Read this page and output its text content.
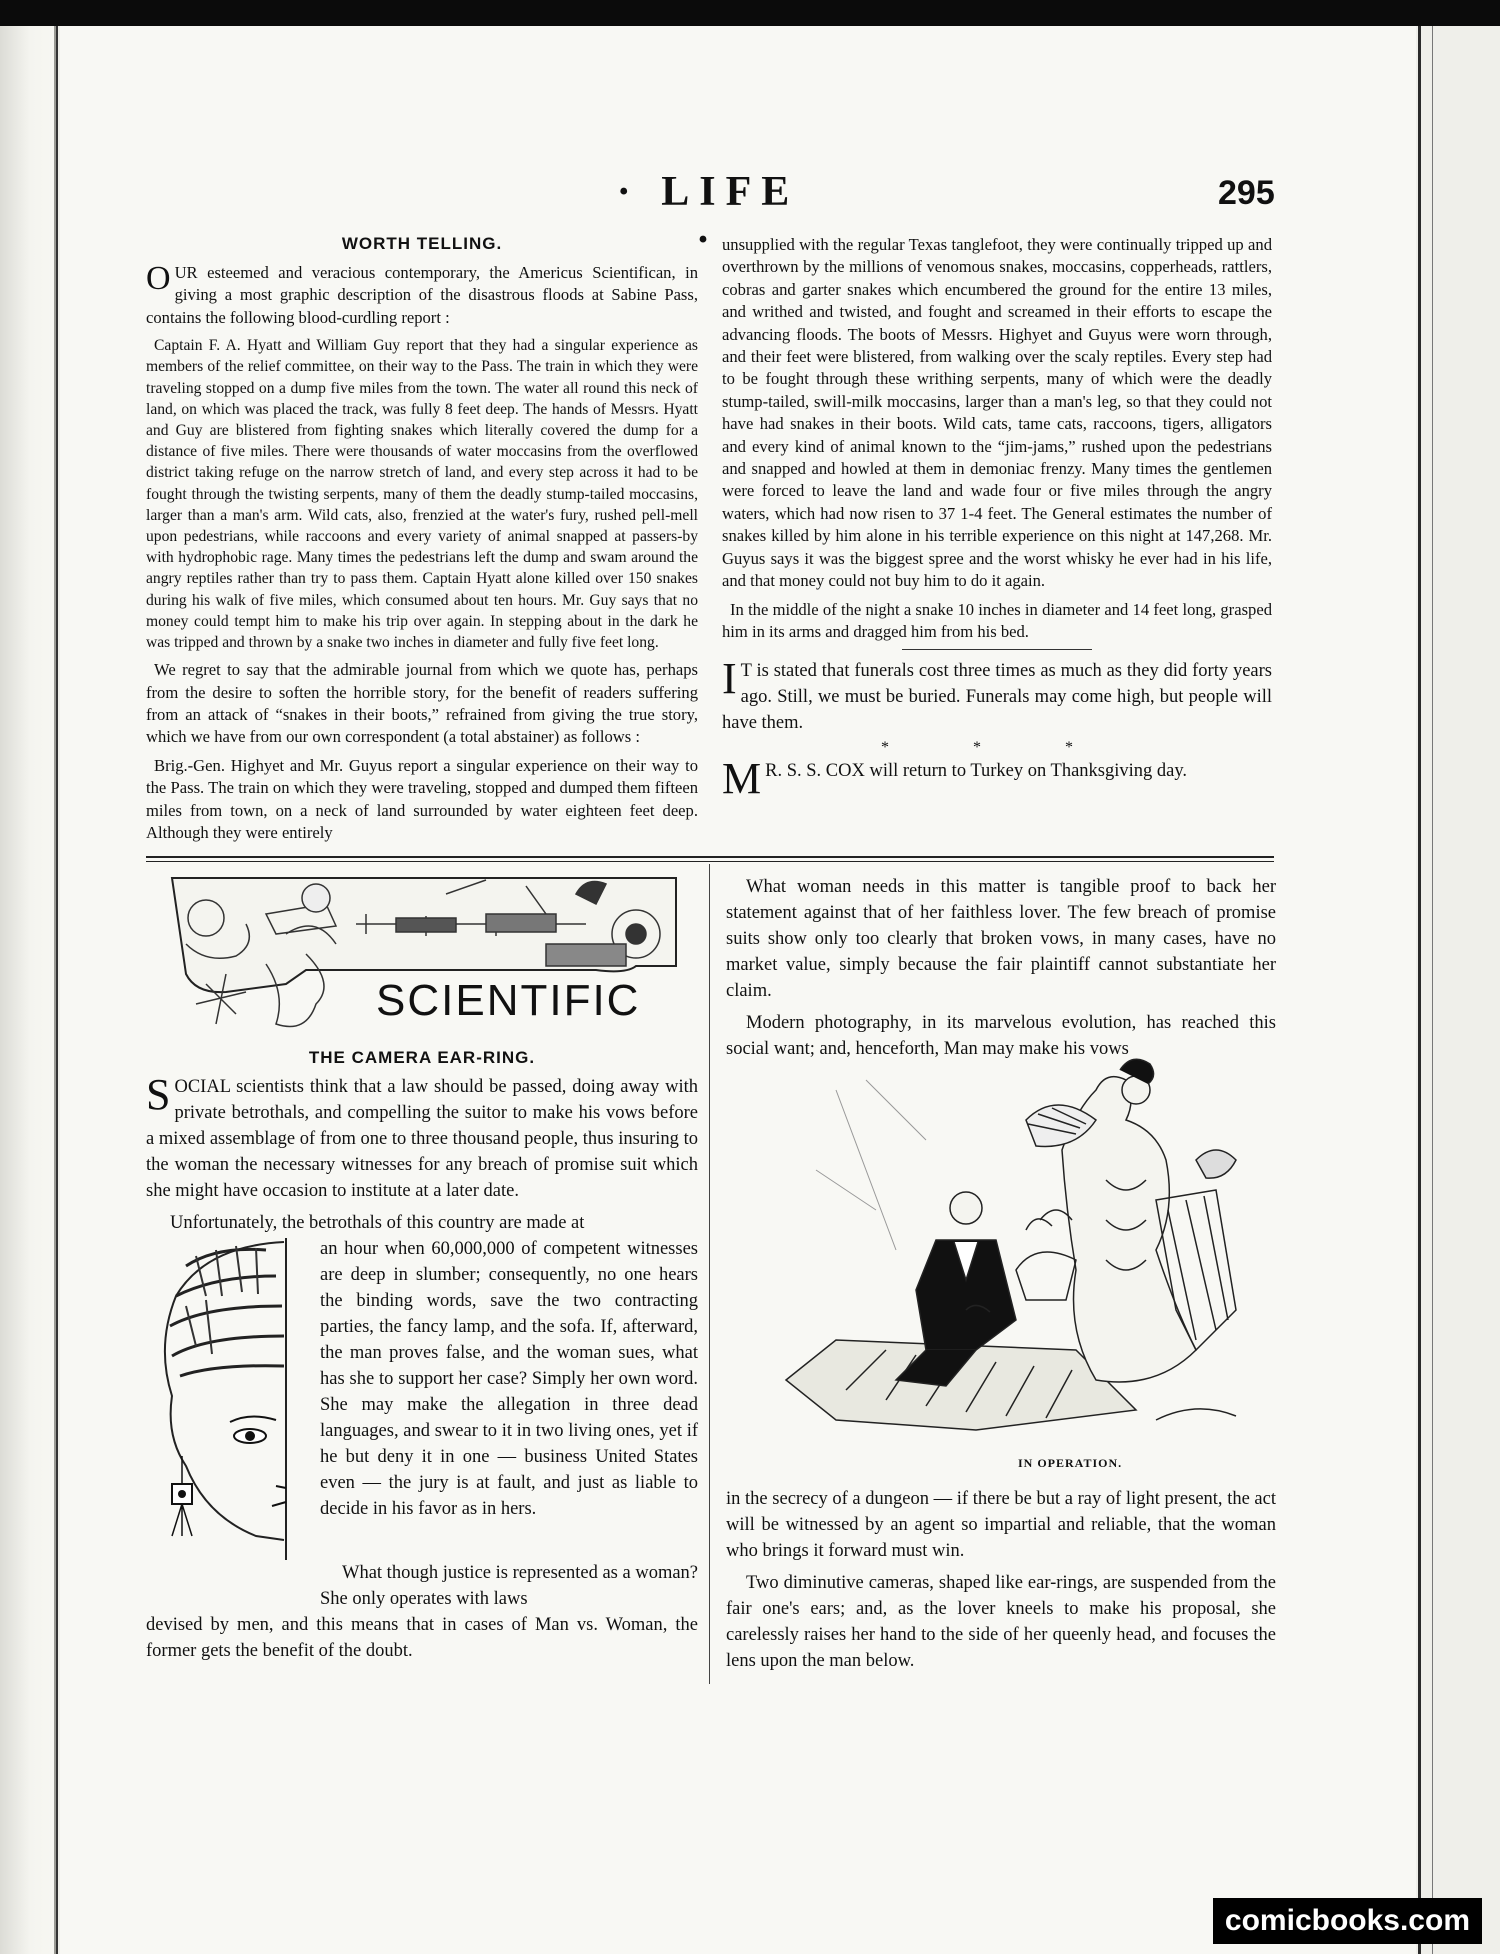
· LIFE ·
295
WORTH TELLING.
OUR esteemed and veracious contemporary, the Americus Scientifican, in giving a most graphic description of the disastrous floods at Sabine Pass, contains the following blood-curdling report :
Captain F. A. Hyatt and William Guy report that they had a singular experience as members of the relief committee, on their way to the Pass. The train in which they were traveling stopped on a dump five miles from the town. The water all round this neck of land, on which was placed the track, was fully 8 feet deep. The hands of Messrs. Hyatt and Guy are blistered from fighting snakes which literally covered the dump for a distance of five miles. There were thousands of water moccasins from the overflowed district taking refuge on the narrow stretch of land, and every step across it had to be fought through the twisting serpents, many of them the deadly stump-tailed moccasins, larger than a man's arm. Wild cats, also, frenzied at the water's fury, rushed pell-mell upon pedestrians, while raccoons and every variety of animal snapped at passers-by with hydrophobic rage. Many times the pedestrians left the dump and swam around the angry reptiles rather than try to pass them. Captain Hyatt alone killed over 150 snakes during his walk of five miles, which consumed about ten hours. Mr. Guy says that no money could tempt him to make his trip over again. In stepping about in the dark he was tripped and thrown by a snake two inches in diameter and fully five feet long.
We regret to say that the admirable journal from which we quote has, perhaps from the desire to soften the horrible story, for the benefit of readers suffering from an attack of “snakes in their boots,” refrained from giving the true story, which we have from our own correspondent (a total abstainer) as follows :
Brig.-Gen. Highyet and Mr. Guyus report a singular experience on their way to the Pass. The train on which they were traveling, stopped and dumped them fifteen miles from town, on a neck of land surrounded by water eighteen feet deep. Although they were entirely
unsupplied with the regular Texas tanglefoot, they were continually tripped up and overthrown by the millions of venomous snakes, moccasins, copperheads, rattlers, cobras and garter snakes which encumbered the ground for the entire 13 miles, and writhed and twisted, and fought and screamed in their efforts to escape the advancing floods. The boots of Messrs. Highyet and Guyus were worn through, and their feet were blistered, from walking over the scaly reptiles. Every step had to be fought through these writhing serpents, many of which were the deadly stump-tailed, swill-milk moccasins, larger than a man's leg, so that they could not have had snakes in their boots. Wild cats, tame cats, raccoons, tigers, alligators and every kind of animal known to the “jim-jams,” rushed upon the pedestrians and snapped and howled at them in demoniac frenzy. Many times the gentlemen were forced to leave the land and wade four or five miles through the angry waters, which had now risen to 37 1-4 feet. The General estimates the number of snakes killed by him alone in his terrible experience on this night at 147,268. Mr. Guyus says it was the biggest spree and the worst whisky he ever had in his life, and that money could not buy him to do it again.
In the middle of the night a snake 10 inches in diameter and 14 feet long, grasped him in its arms and dragged him from his bed.
I T is stated that funerals cost three times as much as they did forty years ago. Still, we must be buried. Funerals may come high, but people will have them.
* * *
M R. S. S. COX will return to Turkey on Thanksgiving day.
SCIENTIFIC
THE CAMERA EAR-RING.
SOCIAL scientists think that a law should be passed, doing away with private betrothals, and compelling the suitor to make his vows before a mixed assemblage of from one to three thousand people, thus insuring to the woman the necessary witnesses for any breach of promise suit which she might have occasion to institute at a later date.
Unfortunately, the betrothals of this country are made at
an hour when 60,000,000 of competent witnesses are deep in slumber; consequently, no one hears the binding words, save the two contracting parties, the fancy lamp, and the sofa. If, afterward, the man proves false, and the woman sues, what has she to support her case? Simply her own word. She may make the allegation in three dead languages, and swear to it in two living ones, yet if he but deny it in one — business United States even — the jury is at fault, and just as liable to decide in his favor as in hers.
What though justice is represented as a woman? She only operates with laws
devised by men, and this means that in cases of Man vs. Woman, the former gets the benefit of the doubt.
What woman needs in this matter is tangible proof to back her statement against that of her faithless lover. The few breach of promise suits show only too clearly that broken vows, in many cases, have no market value, simply because the fair plaintiff cannot substantiate her claim.
Modern photography, in its marvelous evolution, has reached this social want; and, henceforth, Man may make his vows
IN OPERATION.
in the secrecy of a dungeon — if there be but a ray of light present, the act will be witnessed by an agent so impartial and reliable, that the woman who brings it forward must win.
Two diminutive cameras, shaped like ear-rings, are suspended from the fair one's ears; and, as the lover kneels to make his proposal, she carelessly raises her hand to the side of her queenly head, and focuses the lens upon the man below.
comicbooks.com
